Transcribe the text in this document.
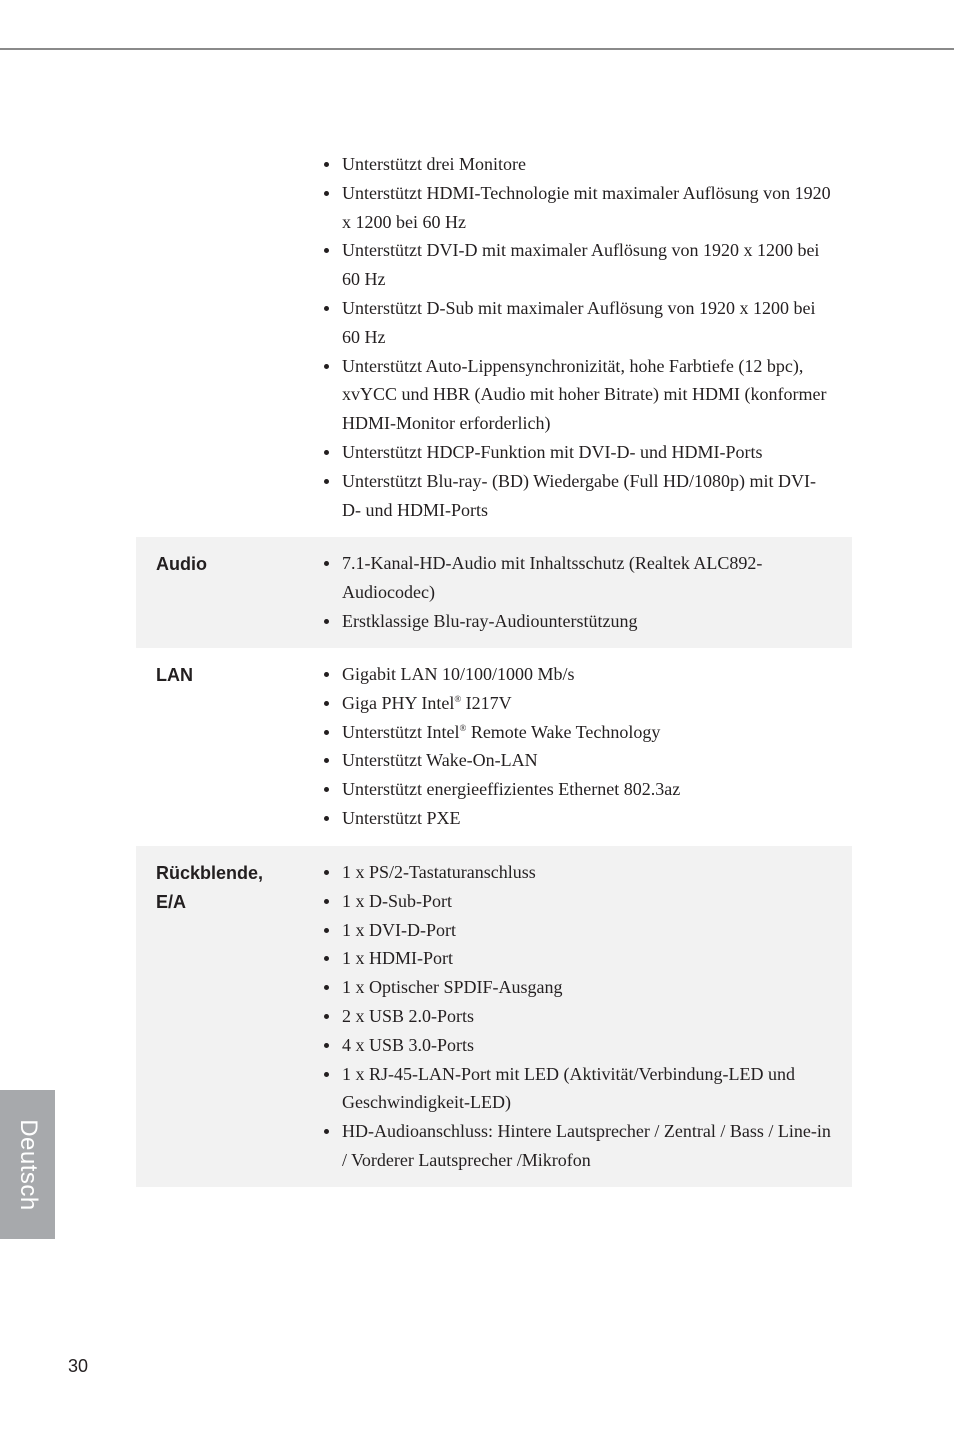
Unterstützt drei Monitore
Unterstützt HDMI-Technologie mit maximaler Auflösung von 1920 x 1200 bei 60 Hz
Unterstützt DVI-D mit maximaler Auflösung von 1920 x 1200 bei 60 Hz
Unterstützt D-Sub mit maximaler Auflösung von 1920 x 1200 bei 60 Hz
Unterstützt Auto-Lippensynchronizität, hohe Farbtiefe (12 bpc), xvYCC und HBR (Audio mit hoher Bitrate) mit HDMI (konformer HDMI-Monitor erforderlich)
Unterstützt HDCP-Funktion mit DVI-D- und HDMI-Ports
Unterstützt Blu-ray- (BD) Wiedergabe (Full HD/1080p) mit DVI-D- und HDMI-Ports
Audio	7.1-Kanal-HD-Audio mit Inhaltsschutz (Realtek ALC892-Audiocodec)
Erstklassige Blu-ray-Audiounterstützung
LAN	Gigabit LAN 10/100/1000 Mb/s
Giga PHY Intel® I217V
Unterstützt Intel® Remote Wake Technology
Unterstützt Wake-On-LAN
Unterstützt energieeffizientes Ethernet 802.3az
Unterstützt PXE
Rückblende,
E/A
1 x PS/2-Tastaturanschluss
1 x D-Sub-Port
1 x DVI-D-Port
1 x HDMI-Port
1 x Optischer SPDIF-Ausgang
2 x USB 2.0-Ports
4 x USB 3.0-Ports
1 x RJ-45-LAN-Port mit LED (Aktivität/Verbindung-LED und Geschwindigkeit-LED)
HD-Audioanschluss: Hintere Lautsprecher / Zentral / Bass / Line-in / Vorderer Lautsprecher /Mikrofon
Deutsch
30
